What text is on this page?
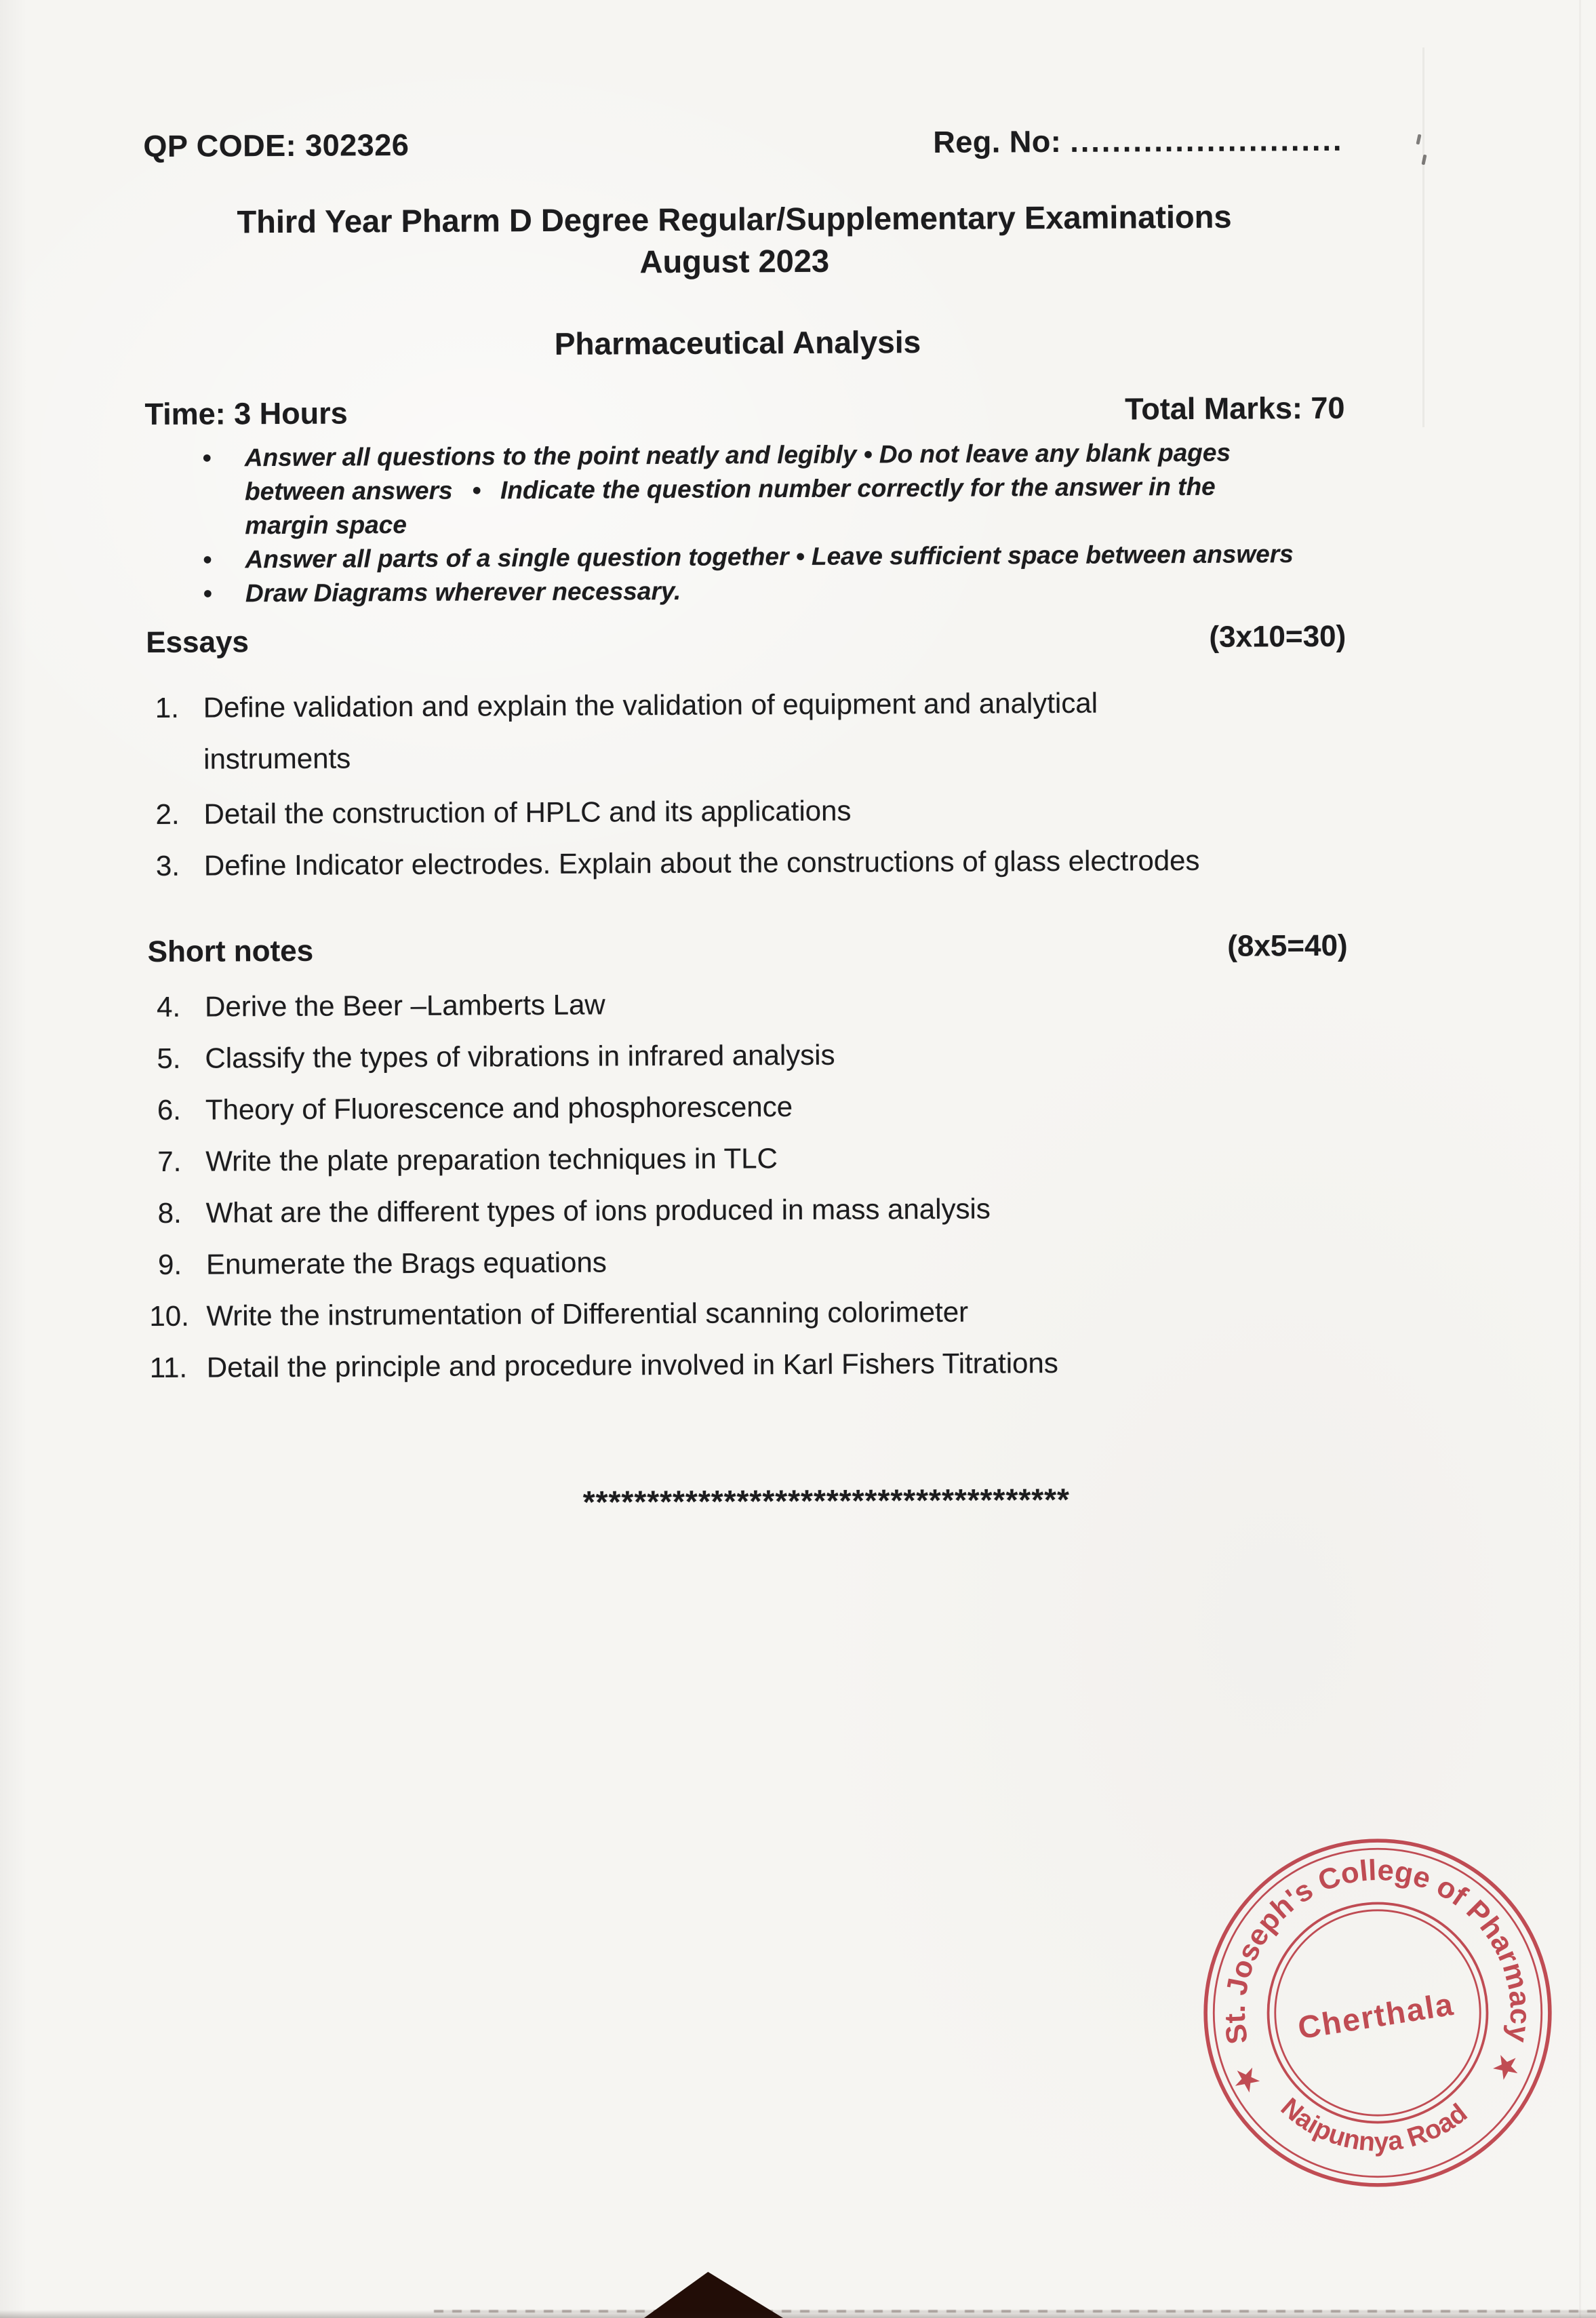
QP CODE: 302326	Reg. No: ..........................
Third Year Pharm D Degree Regular/Supplementary Examinations
August 2023
Pharmaceutical Analysis
Time: 3 Hours	Total Marks: 70
• Answer all questions to the point neatly and legibly • Do not leave any blank pages
between answers  •  Indicate the question number correctly for the answer in the
margin space
• Answer all parts of a single question together • Leave sufficient space between answers
• Draw Diagrams wherever necessary.
Essays	(3x10=30)
1. Define validation and explain the validation of equipment and analytical
instruments
2. Detail the construction of HPLC and its applications
3. Define Indicator electrodes. Explain about the constructions of glass electrodes
Short notes	(8x5=40)
4. Derive the Beer –Lamberts Law
5. Classify the types of vibrations in infrared analysis
6. Theory of Fluorescence and phosphorescence
7. Write the plate preparation techniques in TLC
8. What are the different types of ions produced in mass analysis
9. Enumerate the Brags equations
10. Write the instrumentation of Differential scanning colorimeter
11. Detail the principle and procedure involved in Karl Fishers Titrations
**************************************
St. Joseph's College of Pharmacy
Naipunnya Road
★	★
Cherthala
